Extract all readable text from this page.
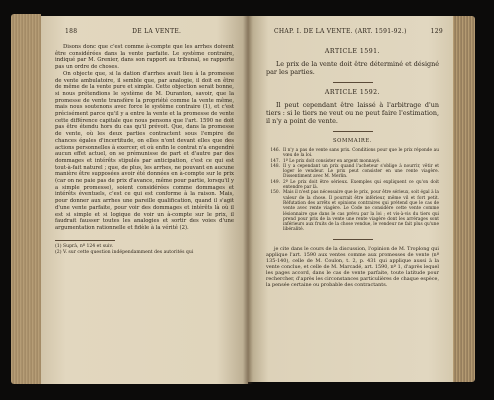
188	DE LA VENTE.

Disons donc que c'est comme à-compte que les arrhes doivent être considérées dans la vente parfaite. Le système contraire, indiqué par M. Grenier, dans son rapport au tribunal, se rapporte pas un ordre de choses.

On objecte que, si la dation d'arrhes avait lieu à la promesse de vente ambulatoire, il semble que, par analogie, il doit en être de même de la vente pure et simple. Cette objection serait bonne, si nous prétendions le système de M. Duranton, savoir, que la promesse de vente transfère la propriété comme la vente même, mais nous soutenons avec force le système contraire (1), et c'est précisément parce qu'il y a entre la vente et la promesse de vente cette différence capitale que nous pensons que l'art. 1590 ne doit pas être étendu hors du cas qu'il prévoit. Que, dans la promesse de vente, où les deux parties contractent sous l'empire de chances égales d'incertitude, on elles n'ont devant elles que des actions personnelles à exercer, et où enfin le contrat n'a engendré aucun effet actuel, on se prémunisse de part et d'autre par des dommages et intérêts stipulés par anticipation, c'est ce qui est tout-à-fait naturel ; que, de plus, les arrhes, ne pouvant en aucune manière être supposées avoir été données en à-compte sur le prix (car on ne paie pas de prix d'avance, même pour partie, lorsqu'il y a simple promesse), soient considérées comme dommages et intérêts éventuels, c'est ce qui est conforme à la raison. Mais, pour donner aux arrhes une pareille qualification, quand il s'agit d'une vente parfaite, pour voir des dommages et intérêts là où il est si simple et si logique de voir un à-compte sur le prix, il faudrait fausser toutes les analogies et sortir des voies d'une argumentation rationnelle et fidèle à la vérité (2).

(1) Suprà, nº 124 et suiv.
(2) V. sur cette question indépendamment des autorités qui
CHAP. I. DE LA VENTE. (ART. 1591-92.)	129
ARTICLE 1591.

Le prix de la vente doit être déterminé et désigné par les parties.

ARTICLE 1592.

Il peut cependant être laissé à l'arbitrage d'un tiers : si le tiers ne veut ou ne peut faire l'estimation, il n'y a point de vente.

SOMMAIRE.
146. Il n'y a pas de vente sans prix. Conditions pour que le prix réponde au vœu de la loi.
147. 1º Le prix doit consister en argent monnayé.
148. Il y a cependant un prix quand l'acheteur s'oblige à nourrir, vêtir et loger le vendeur. Le prix peut consister en une rente viagère. Dissentiment avec M. Merlin.
149. 2º Le prix doit être sérieux. Exemples qui expliquent ce qu'on doit entendre par là.
150. Mais il n'est pas nécessaire que le prix, pour être sérieux, soit égal à la valeur de la chose. Il pourrait être inférieur, même vil et fort petit. Réfutation des arrêts et opinions contraires qui prétend que le cas de vente avec rente viagère. Le Code ne considère cette vente comme lésionnaire que dans le cas prévu par la loi ; et vis-à-vis du tiers qui prend pour prix de la vente une rente viagère dont les arrérages sont inférieurs aux fruits de la chose vendue, le vendeur ne fait plus qu'une libéralité.

je cite dans le cours de la discussion, l'opinion de M. Troplong qui applique l'art. 1590 aux ventes comme aux promesses de vente (nº 135-140), celle de M. Coulon, t. 2, p. 431 qui applique aussi à la vente conclue, et celle de M. Marcadé, art. 1590, nº 1, d'après lequel les pages accord, dans le cas de vente parfaite, toute latitude pour rechercher, d'après les circonstances particulières de chaque espèce, la pensée certaine ou probable des contractants.
